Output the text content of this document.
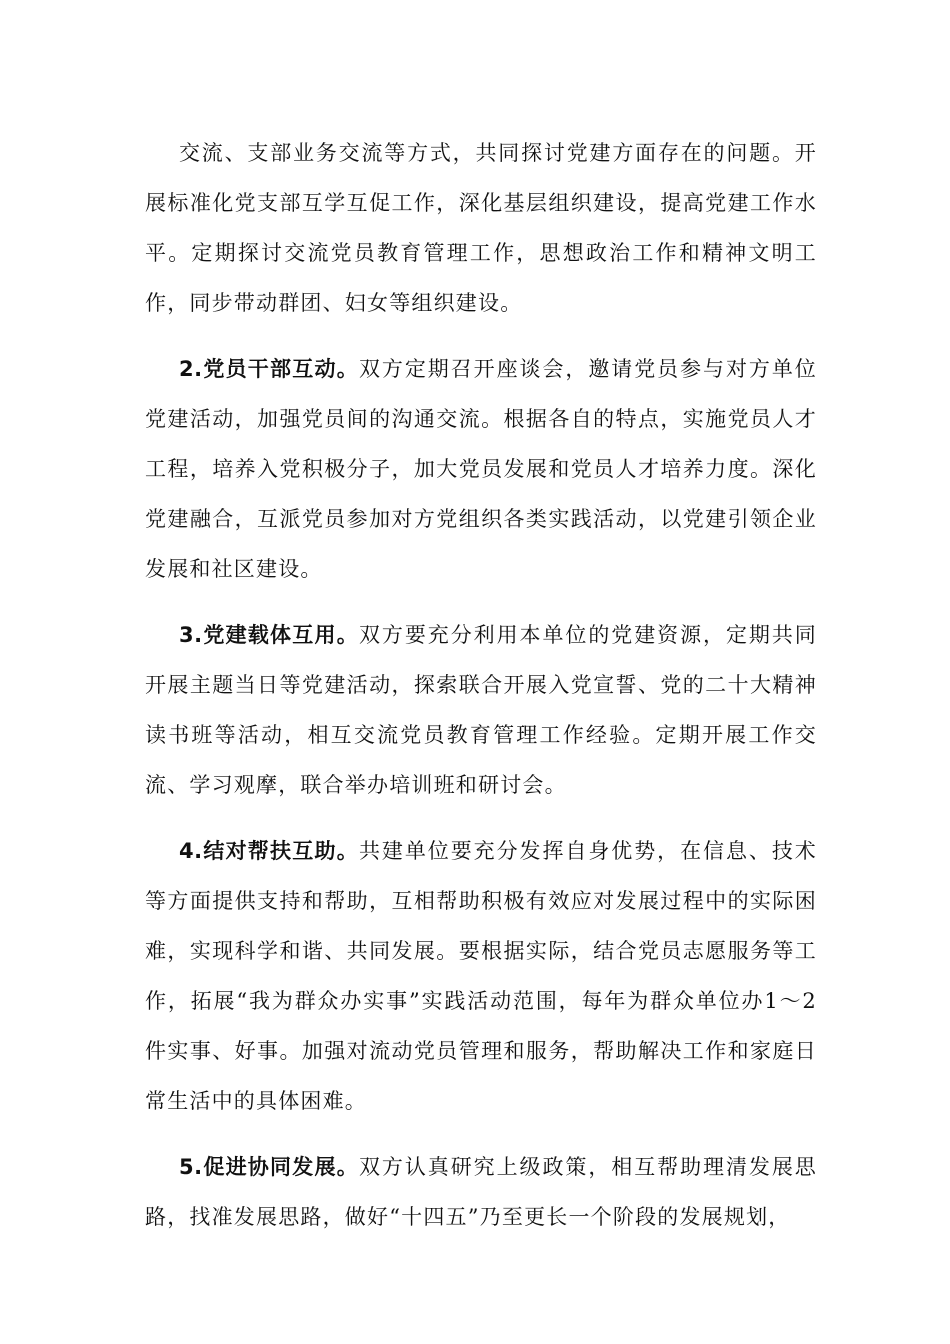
交流、支部业务交流等方式，共同探讨党建方面存在的问题。开展标准化党支部互学互促工作，深化基层组织建设，提高党建工作水平。定期探讨交流党员教育管理工作，思想政治工作和精神文明工作，同步带动群团、妇女等组织建设。

2.党员干部互动。双方定期召开座谈会，邀请党员参与对方单位党建活动，加强党员间的沟通交流。根据各自的特点，实施党员人才工程，培养入党积极分子，加大党员发展和党员人才培养力度。深化党建融合，互派党员参加对方党组织各类实践活动，以党建引领企业发展和社区建设。

3.党建载体互用。双方要充分利用本单位的党建资源，定期共同开展主题当日等党建活动，探索联合开展入党宣誓、党的二十大精神读书班等活动，相互交流党员教育管理工作经验。定期开展工作交流、学习观摩，联合举办培训班和研讨会。

4.结对帮扶互助。共建单位要充分发挥自身优势，在信息、技术等方面提供支持和帮助，互相帮助积极有效应对发展过程中的实际困难，实现科学和谐、共同发展。要根据实际，结合党员志愿服务等工作，拓展“我为群众办实事”实践活动范围，每年为群众单位办1～2件实事、好事。加强对流动党员管理和服务，帮助解决工作和家庭日常生活中的具体困难。

5.促进协同发展。双方认真研究上级政策，相互帮助理清发展思路，找准发展思路，做好“十四五”乃至更长一个阶段的发展规划，
